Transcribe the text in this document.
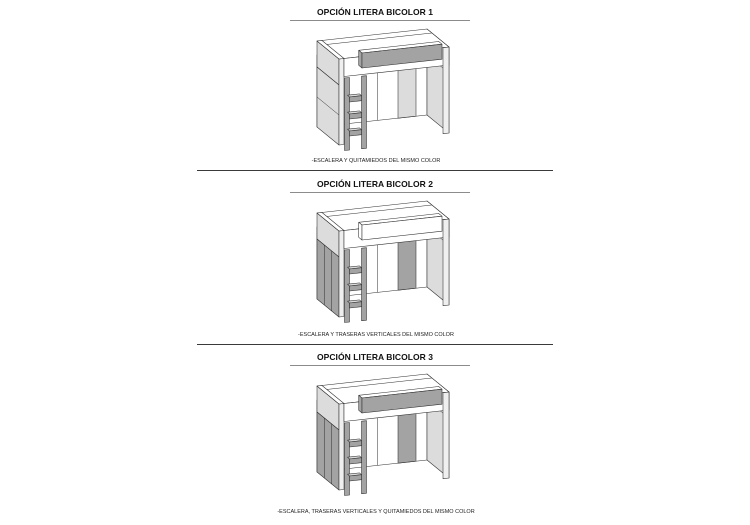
OPCIÓN LITERA BICOLOR 1
-ESCALERA Y QUITAMIEDOS DEL MISMO COLOR
OPCIÓN LITERA BICOLOR 2
-ESCALERA Y TRASERAS VERTICALES DEL MISMO COLOR
OPCIÓN LITERA BICOLOR 3
-ESCALERA, TRASERAS VERTICALES Y QUITAMIEDOS DEL MISMO COLOR
